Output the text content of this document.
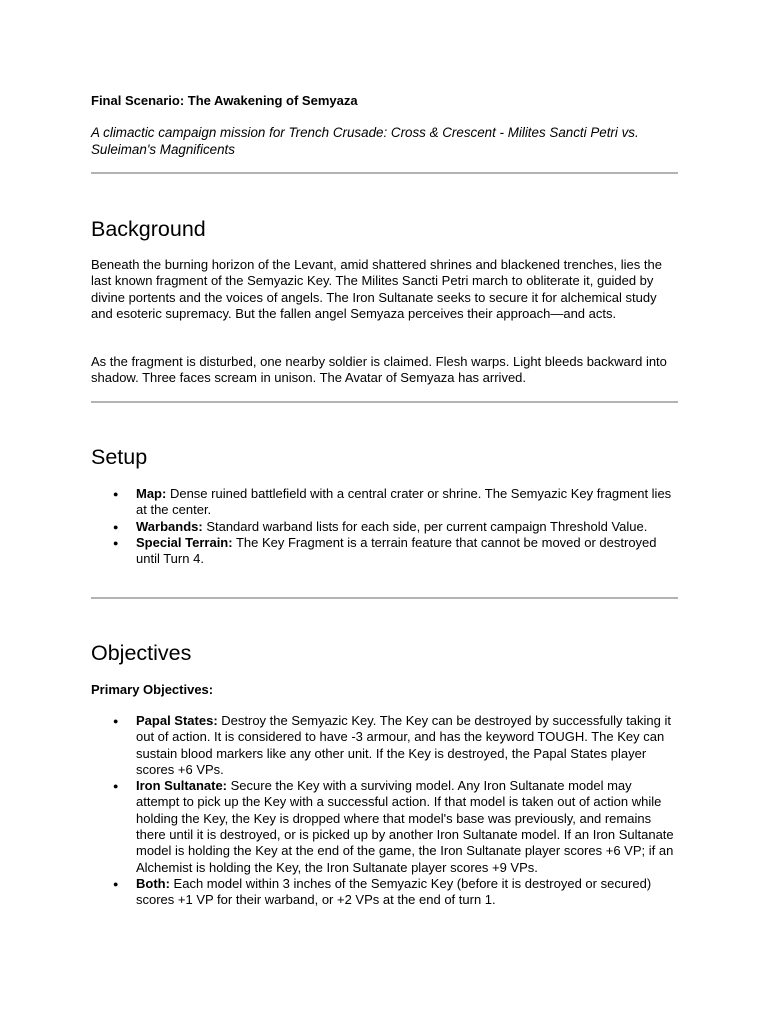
Final Scenario: The Awakening of Semyaza
A climactic campaign mission for Trench Crusade: Cross & Crescent - Milites Sancti Petri vs. Suleiman's Magnificents
Background
Beneath the burning horizon of the Levant, amid shattered shrines and blackened trenches, lies the last known fragment of the Semyazic Key. The Milites Sancti Petri march to obliterate it, guided by divine portents and the voices of angels. The Iron Sultanate seeks to secure it for alchemical study and esoteric supremacy. But the fallen angel Semyaza perceives their approach—and acts.
As the fragment is disturbed, one nearby soldier is claimed. Flesh warps. Light bleeds backward into shadow. Three faces scream in unison. The Avatar of Semyaza has arrived.
Setup
● Map: Dense ruined battlefield with a central crater or shrine. The Semyazic Key fragment lies at the center.
● Warbands: Standard warband lists for each side, per current campaign Threshold Value.
● Special Terrain: The Key Fragment is a terrain feature that cannot be moved or destroyed until Turn 4.
Objectives
Primary Objectives:
● Papal States: Destroy the Semyazic Key. The Key can be destroyed by successfully taking it out of action. It is considered to have -3 armour, and has the keyword TOUGH. The Key can sustain blood markers like any other unit. If the Key is destroyed, the Papal States player scores +6 VPs.
● Iron Sultanate: Secure the Key with a surviving model. Any Iron Sultanate model may attempt to pick up the Key with a successful action. If that model is taken out of action while holding the Key, the Key is dropped where that model's base was previously, and remains there until it is destroyed, or is picked up by another Iron Sultanate model. If an Iron Sultanate model is holding the Key at the end of the game, the Iron Sultanate player scores +6 VP; if an Alchemist is holding the Key, the Iron Sultanate player scores +9 VPs.
● Both: Each model within 3 inches of the Semyazic Key (before it is destroyed or secured) scores +1 VP for their warband, or +2 VPs at the end of turn 1.
